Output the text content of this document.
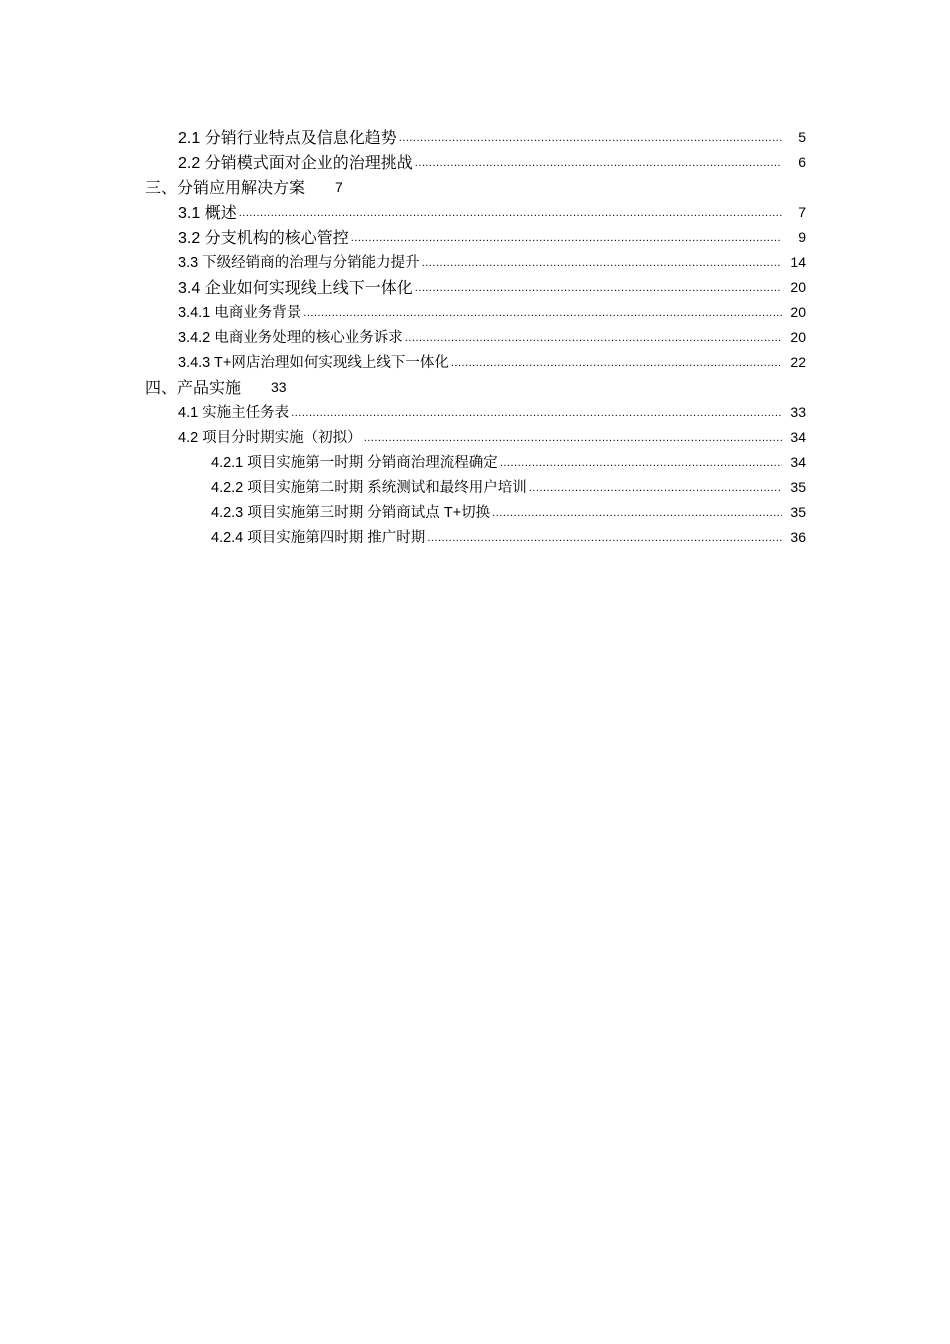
2.1 分销行业特点及信息化趋势 .....	5
2.2 分销模式面对企业的治理挑战 .....	6
三、分销应用解决方案 7
3.1 概述 .....	7
3.2 分支机构的核心管控 .....	9
3.3 下级经销商的治理与分销能力提升 .....	14
3.4 企业如何实现线上线下一体化 .....	20
3.4.1 电商业务背景 .....	20
3.4.2 电商业务处理的核心业务诉求 .....	20
3.4.3 T+网店治理如何实现线上线下一体化 .....	22
四、产品实施 33
4.1 实施主任务表 .....	33
4.2 项目分时期实施（初拟） .....	34
4.2.1 项目实施第一时期 分销商治理流程确定 .....	34
4.2.2 项目实施第二时期 系统测试和最终用户培训 .....	35
4.2.3 项目实施第三时期 分销商试点 T+切换 .....	35
4.2.4 项目实施第四时期 推广时期 .....	36
